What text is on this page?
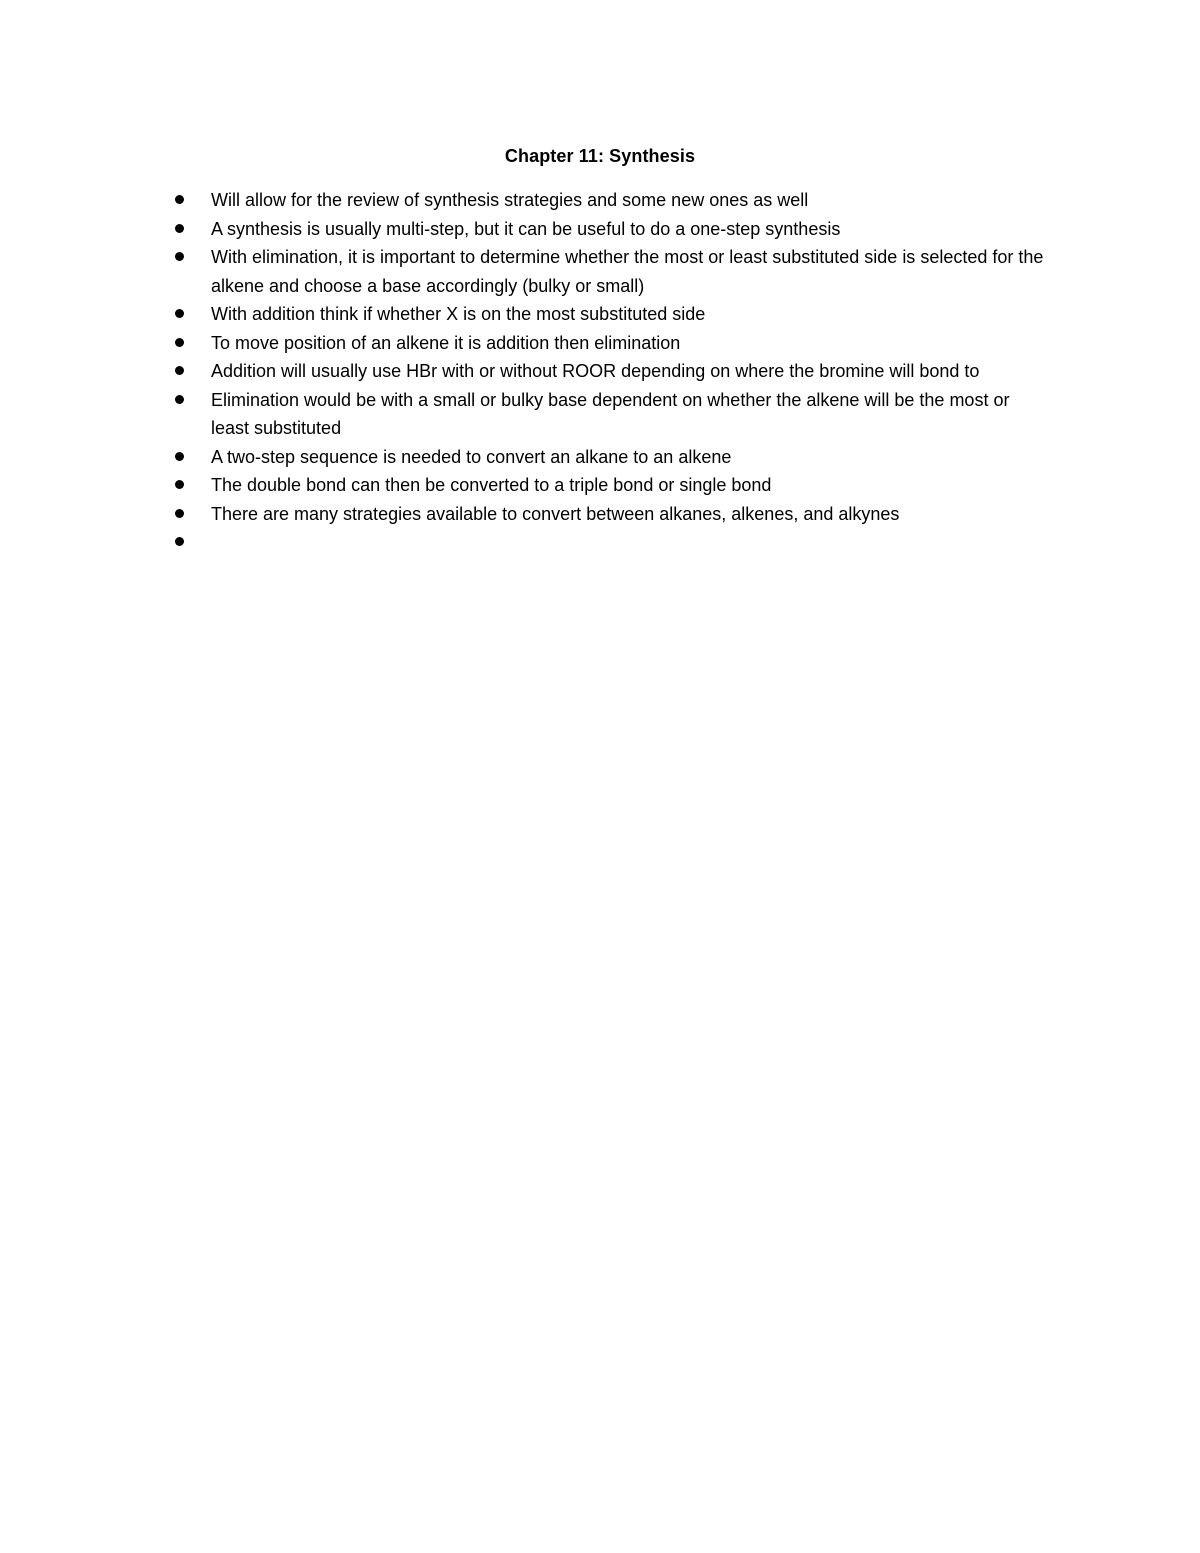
Chapter 11: Synthesis
Will allow for the review of synthesis strategies and some new ones as well
A synthesis is usually multi-step, but it can be useful to do a one-step synthesis
With elimination, it is important to determine whether the most or least substituted side is selected for the alkene and choose a base accordingly (bulky or small)
With addition think if whether X is on the most substituted side
To move position of an alkene it is addition then elimination
Addition will usually use HBr with or without ROOR depending on where the bromine will bond to
Elimination would be with a small or bulky base dependent on whether the alkene will be the most or least substituted
A two-step sequence is needed to convert an alkane to an alkene
The double bond can then be converted to a triple bond or single bond
There are many strategies available to convert between alkanes, alkenes, and alkynes
